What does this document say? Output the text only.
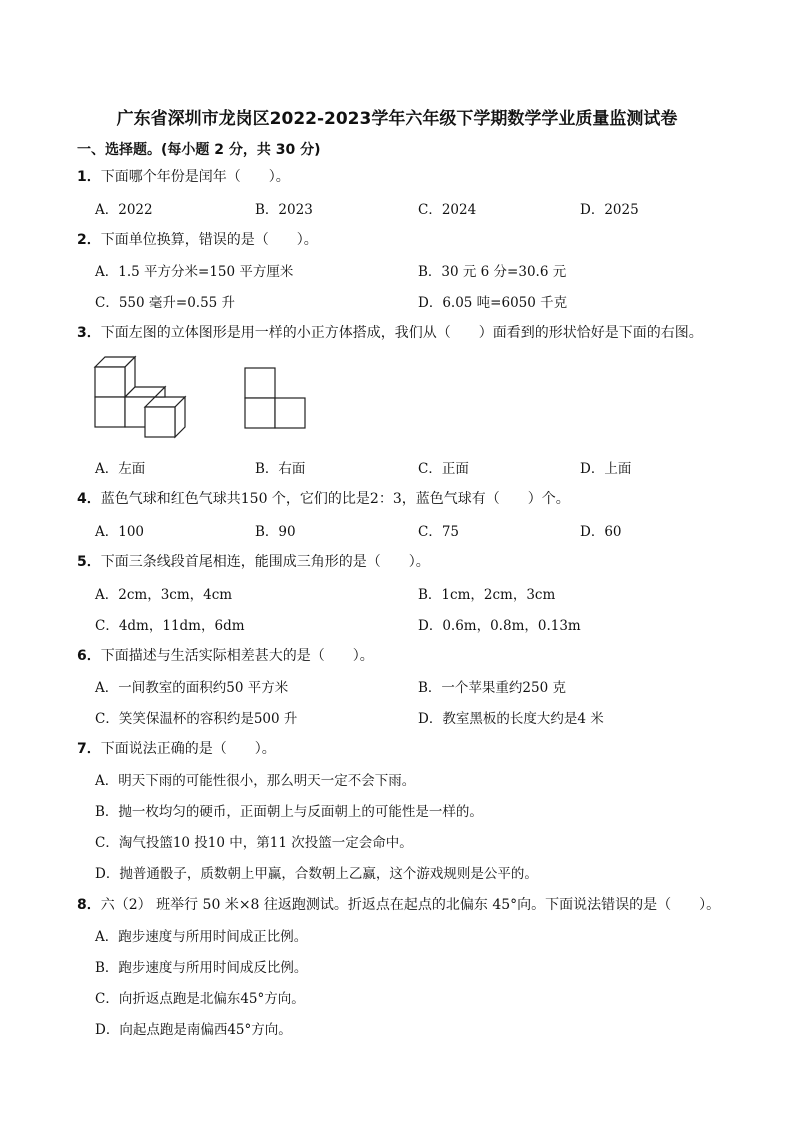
广东省深圳市龙岗区2022-2023学年六年级下学期数学学业质量监测试卷
一、选择题。(每小题 2 分，共 30 分)
1．下面哪个年份是闰年（　　）。
A．2022	B．2023	C．2024	D．2025
2．下面单位换算，错误的是（　　）。
A．1.5 平方分米=150 平方厘米	B．30 元 6 分=30.6 元
C．550 毫升=0.55 升	D．6.05 吨=6050 千克
3．下面左图的立体图形是用一样的小正方体搭成，我们从（　　）面看到的形状恰好是下面的右图。
A．左面	B．右面	C．正面	D．上面
4．蓝色气球和红色气球共150 个，它们的比是2：3，蓝色气球有（　　）个。
A．100	B．90	C．75	D．60
5．下面三条线段首尾相连，能围成三角形的是（　　）。
A．2cm，3cm，4cm	B．1cm，2cm，3cm
C．4dm，11dm，6dm	D．0.6m，0.8m，0.13m
6．下面描述与生活实际相差甚大的是（　　）。
A．一间教室的面积约50 平方米	B．一个苹果重约250 克
C．笑笑保温杯的容积约是500 升	D．教室黑板的长度大约是4 米
7．下面说法正确的是（　　）。
A．明天下雨的可能性很小，那么明天一定不会下雨。
B．抛一枚均匀的硬币，正面朝上与反面朝上的可能性是一样的。
C．淘气投篮10 投10 中，第11 次投篮一定会命中。
D．抛普通骰子，质数朝上甲赢，合数朝上乙赢，这个游戏规则是公平的。
8．六（2） 班举行 50 米×8 往返跑测试。折返点在起点的北偏东 45°向。下面说法错误的是（　　）。
A．跑步速度与所用时间成正比例。
B．跑步速度与所用时间成反比例。
C．向折返点跑是北偏东45°方向。
D．向起点跑是南偏西45°方向。
